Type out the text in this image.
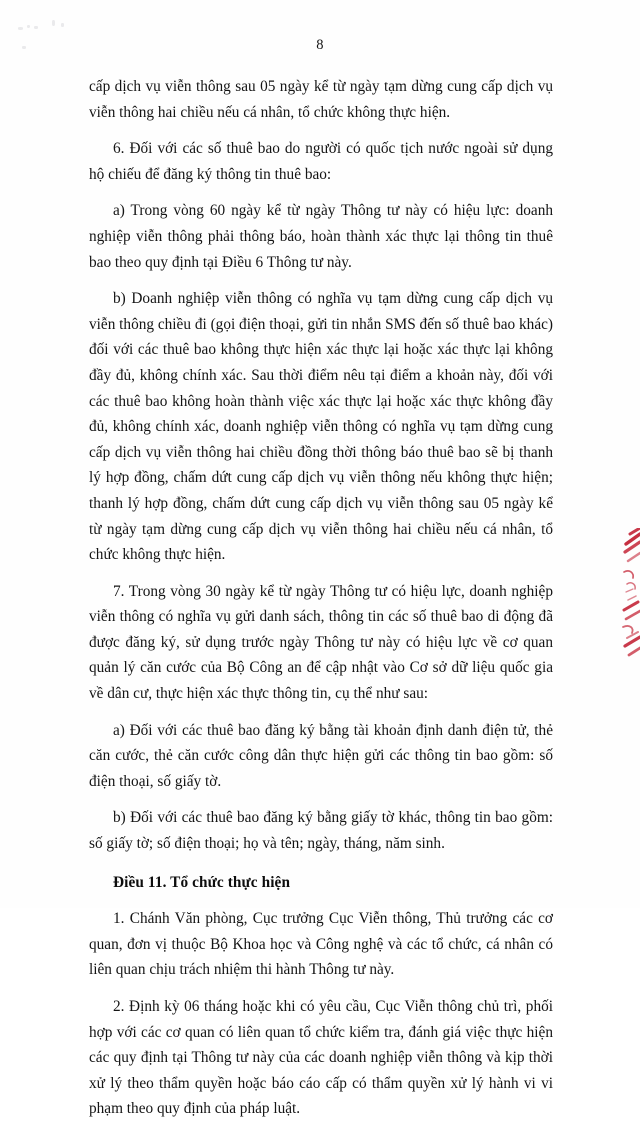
8

cấp dịch vụ viễn thông sau 05 ngày kể từ ngày tạm dừng cung cấp dịch vụ viễn thông hai chiều nếu cá nhân, tổ chức không thực hiện.

6. Đối với các số thuê bao do người có quốc tịch nước ngoài sử dụng hộ chiếu để đăng ký thông tin thuê bao:

a) Trong vòng 60 ngày kể từ ngày Thông tư này có hiệu lực: doanh nghiệp viễn thông phải thông báo, hoàn thành xác thực lại thông tin thuê bao theo quy định tại Điều 6 Thông tư này.

b) Doanh nghiệp viễn thông có nghĩa vụ tạm dừng cung cấp dịch vụ viễn thông chiều đi (gọi điện thoại, gửi tin nhắn SMS đến số thuê bao khác) đối với các thuê bao không thực hiện xác thực lại hoặc xác thực lại không đầy đủ, không chính xác. Sau thời điểm nêu tại điểm a khoản này, đối với các thuê bao không hoàn thành việc xác thực lại hoặc xác thực không đầy đủ, không chính xác, doanh nghiệp viễn thông có nghĩa vụ tạm dừng cung cấp dịch vụ viễn thông hai chiều đồng thời thông báo thuê bao sẽ bị thanh lý hợp đồng, chấm dứt cung cấp dịch vụ viễn thông nếu không thực hiện; thanh lý hợp đồng, chấm dứt cung cấp dịch vụ viễn thông sau 05 ngày kể từ ngày tạm dừng cung cấp dịch vụ viễn thông hai chiều nếu cá nhân, tổ chức không thực hiện.

7. Trong vòng 30 ngày kể từ ngày Thông tư có hiệu lực, doanh nghiệp viễn thông có nghĩa vụ gửi danh sách, thông tin các số thuê bao di động đã được đăng ký, sử dụng trước ngày Thông tư này có hiệu lực về cơ quan quản lý căn cước của Bộ Công an để cập nhật vào Cơ sở dữ liệu quốc gia về dân cư, thực hiện xác thực thông tin, cụ thể như sau:

a) Đối với các thuê bao đăng ký bằng tài khoản định danh điện tử, thẻ căn cước, thẻ căn cước công dân thực hiện gửi các thông tin bao gồm: số điện thoại, số giấy tờ.

b) Đối với các thuê bao đăng ký bằng giấy tờ khác, thông tin bao gồm: số giấy tờ; số điện thoại; họ và tên; ngày, tháng, năm sinh.

Điều 11. Tổ chức thực hiện

1. Chánh Văn phòng, Cục trưởng Cục Viễn thông, Thủ trưởng các cơ quan, đơn vị thuộc Bộ Khoa học và Công nghệ và các tổ chức, cá nhân có liên quan chịu trách nhiệm thi hành Thông tư này.

2. Định kỳ 06 tháng hoặc khi có yêu cầu, Cục Viễn thông chủ trì, phối hợp với các cơ quan có liên quan tổ chức kiểm tra, đánh giá việc thực hiện các quy định tại Thông tư này của các doanh nghiệp viễn thông và kịp thời xử lý theo thẩm quyền hoặc báo cáo cấp có thẩm quyền xử lý hành vi vi phạm theo quy định của pháp luật.
